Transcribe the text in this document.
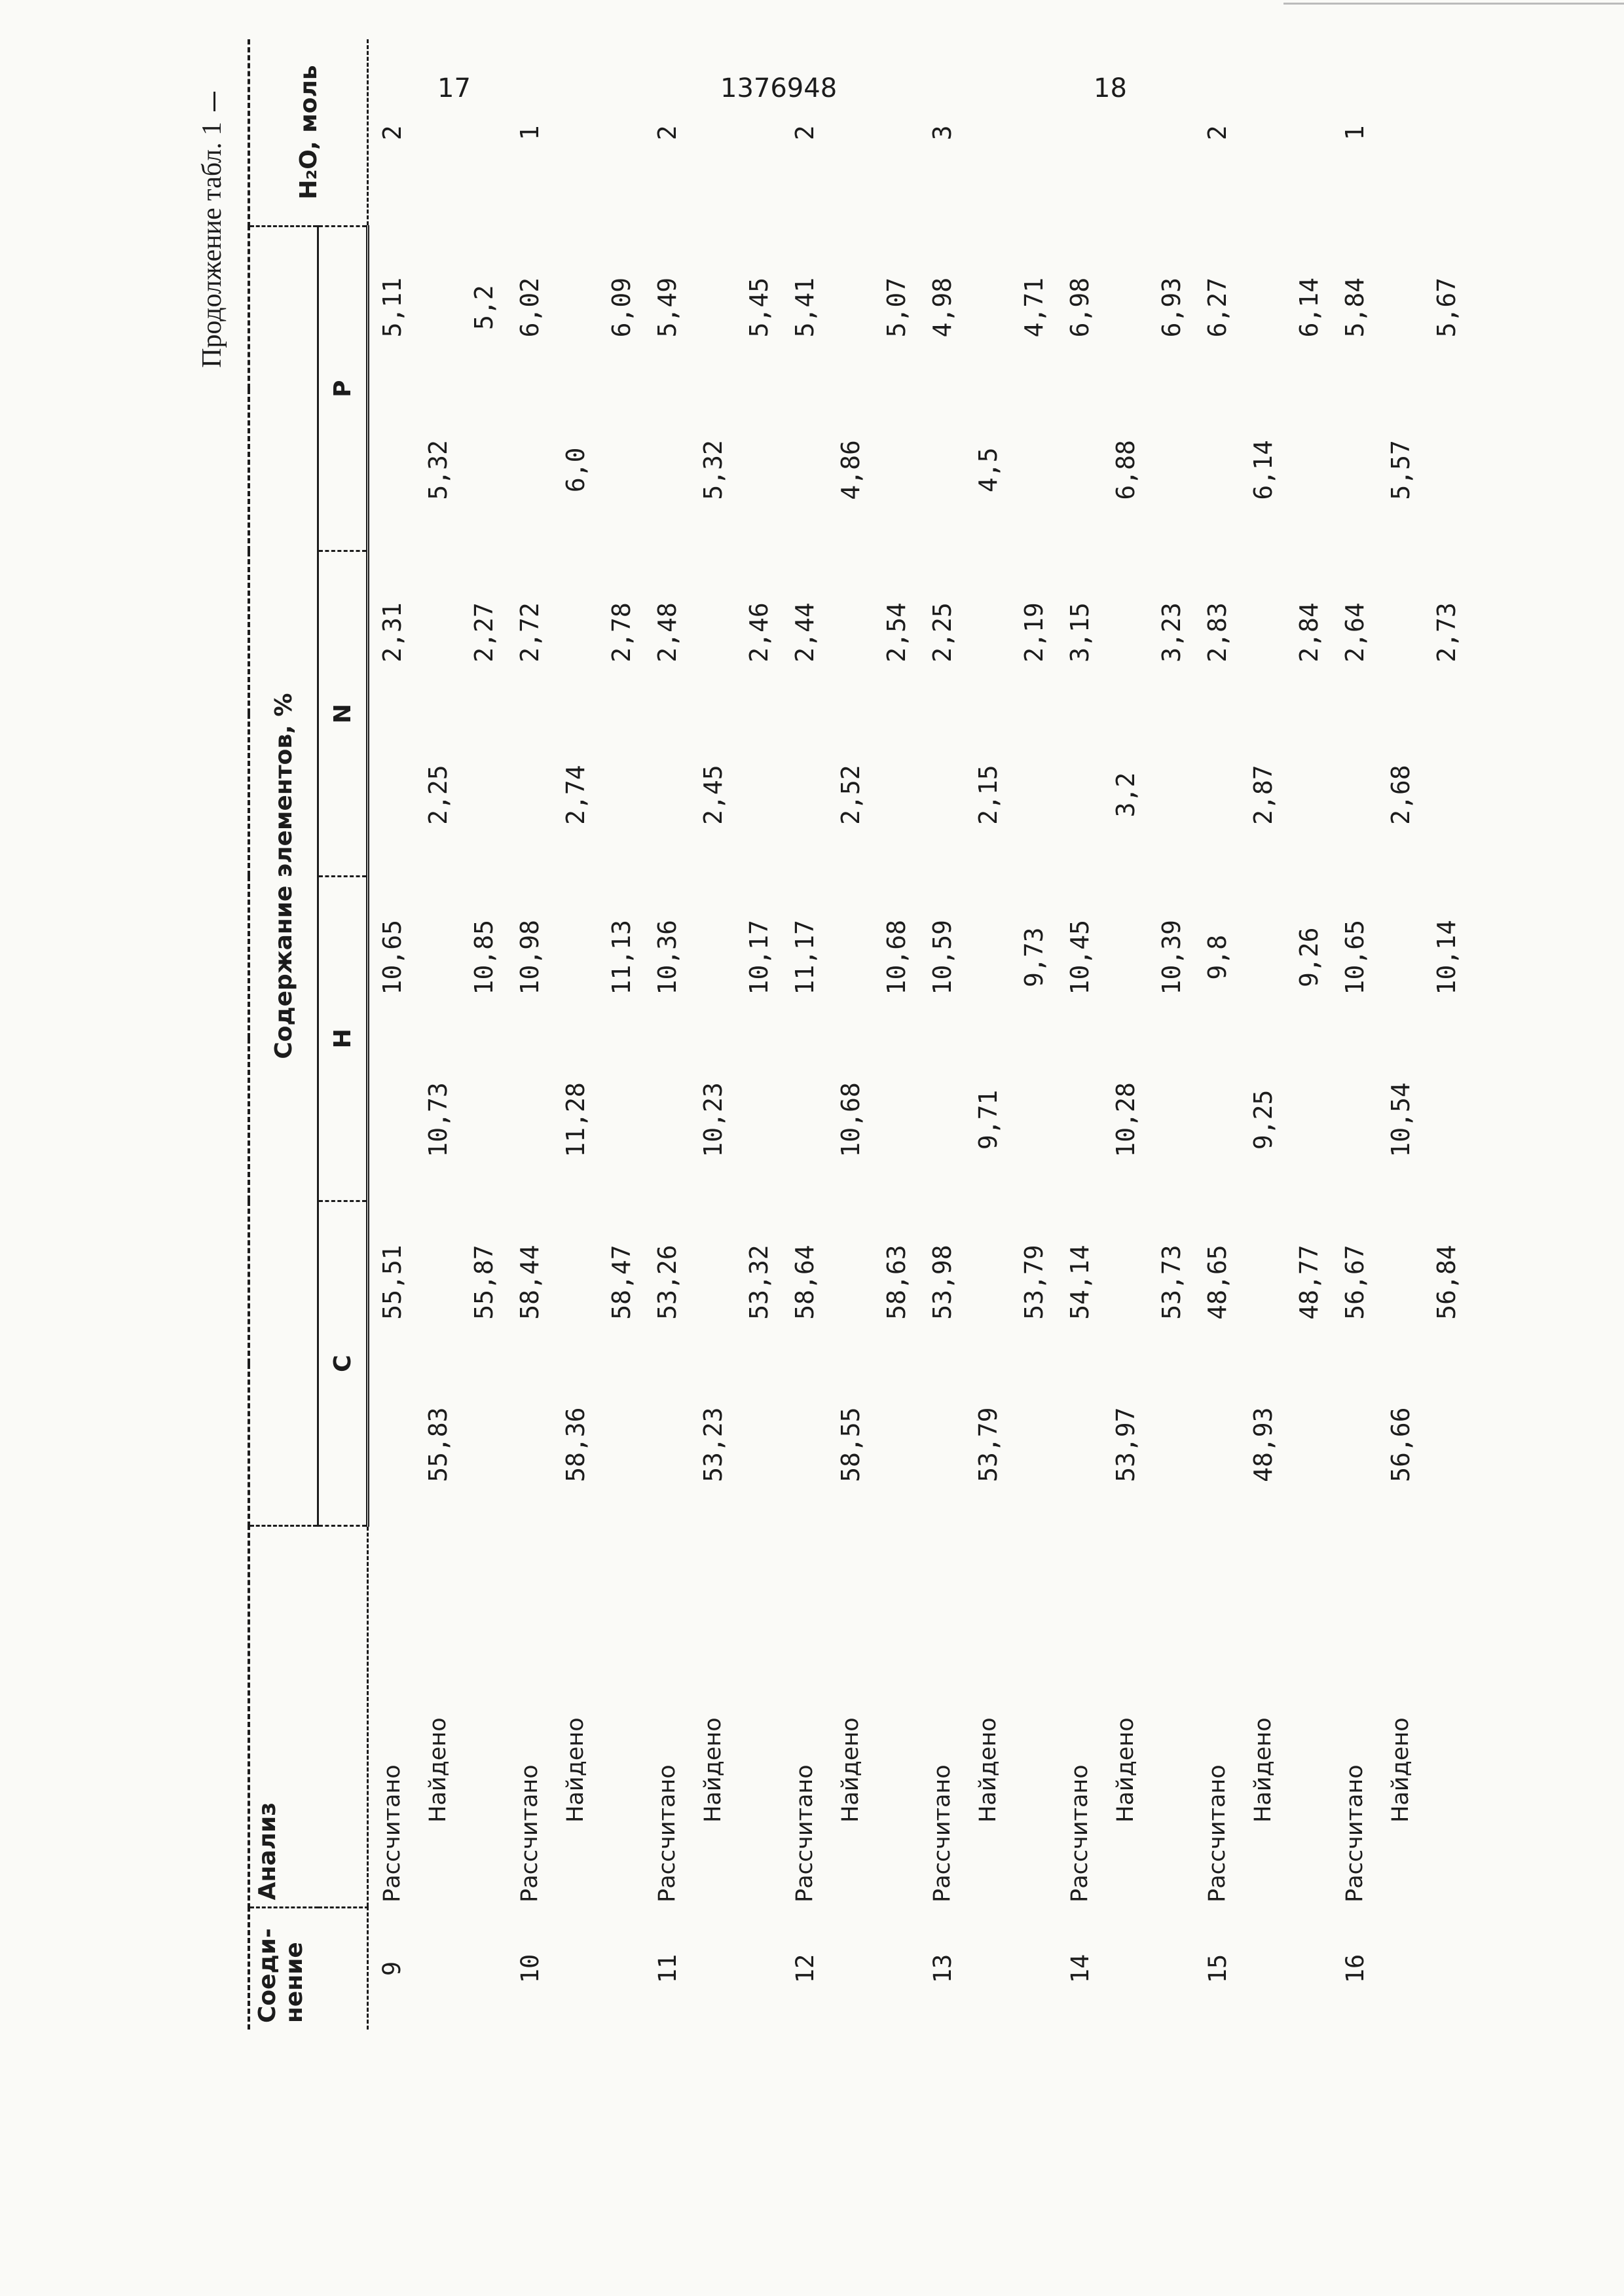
17	1376948	18
Продолжение табл. 1
Соеди-
нение	Анализ	Содержание элементов, %								H₂O, моль
		C		H		N		P		
9	Рассчитано		55,51		10,65		2,31		5,11	2
	Найдено	55,83		10,73		2,25		5,32		
			55,87		10,85		2,27		5,2	
10	Рассчитано		58,44		10,98		2,72		6,02	1
	Найдено	58,36		11,28		2,74		6,0		
			58,47		11,13		2,78		6,09	
11	Рассчитано		53,26		10,36		2,48		5,49	2
	Найдено	53,23		10,23		2,45		5,32		
			53,32		10,17		2,46		5,45	
12	Рассчитано		58,64		11,17		2,44		5,41	2
	Найдено	58,55		10,68		2,52		4,86		
			58,63		10,68		2,54		5,07	
13	Рассчитано		53,98		10,59		2,25		4,98	3
	Найдено	53,79		9,71		2,15		4,5		
			53,79		9,73		2,19		4,71	
14	Рассчитано		54,14		10,45		3,15		6,98	
	Найдено	53,97		10,28		3,2		6,88		
			53,73		10,39		3,23		6,93	
15	Рассчитано		48,65		9,8		2,83		6,27	2
	Найдено	48,93		9,25		2,87		6,14		
			48,77		9,26		2,84		6,14	
16	Рассчитано		56,67		10,65		2,64		5,84	1
	Найдено	56,66		10,54		2,68		5,57		
			56,84		10,14		2,73		5,67	
